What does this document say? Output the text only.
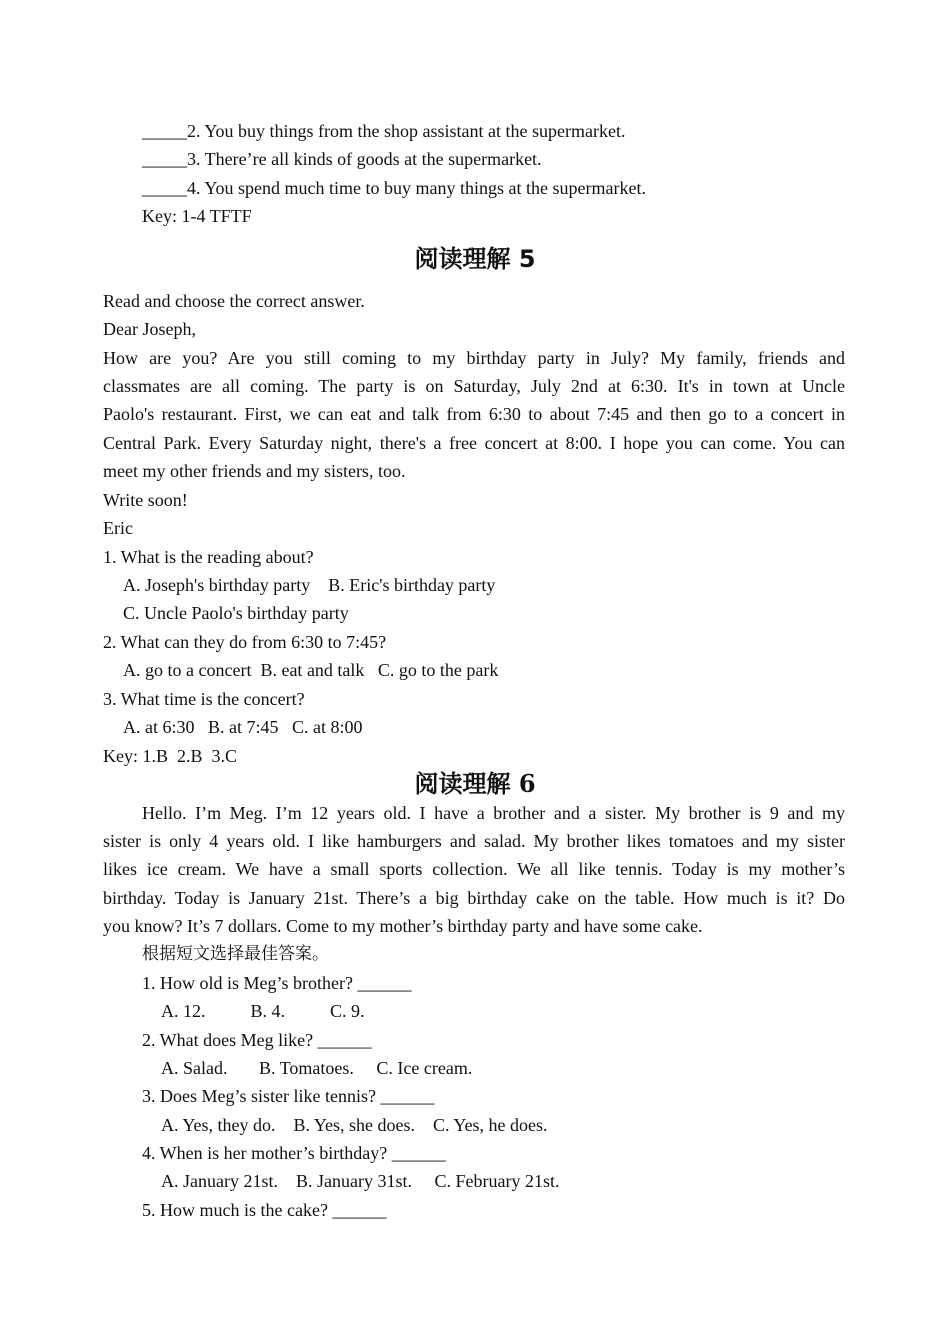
_____2. You buy things from the shop assistant at the supermarket.
_____3. There’re all kinds of goods at the supermarket.
_____4. You spend much time to buy many things at the supermarket.
Key: 1-4 TFTF
阅读理解 5
Read and choose the correct answer.
Dear Joseph,
How are you? Are you still coming to my birthday party in July? My family, friends and
classmates are all coming. The party is on Saturday, July 2nd at 6:30. It's in town at Uncle
Paolo's restaurant. First, we can eat and talk from 6:30 to about 7:45 and then go to a concert in
Central Park. Every Saturday night, there's a free concert at 8:00. I hope you can come. You can
meet my other friends and my sisters, too.
Write soon!
Eric
1. What is the reading about?
A. Joseph's birthday party    B. Eric's birthday party
C. Uncle Paolo's birthday party
2. What can they do from 6:30 to 7:45?
A. go to a concert  B. eat and talk   C. go to the park
3. What time is the concert?
A. at 6:30   B. at 7:45   C. at 8:00
Key: 1.B  2.B  3.C
阅读理解 6
Hello. I’m Meg. I’m 12 years old. I have a brother and a sister. My brother is 9 and my
sister is only 4 years old. I like hamburgers and salad. My brother likes tomatoes and my sister
likes ice cream. We have a small sports collection. We all like tennis. Today is my mother’s
birthday. Today is January 21st. There’s a big birthday cake on the table. How much is it? Do
you know? It’s 7 dollars. Come to my mother’s birthday party and have some cake.
根据短文选择最佳答案。
1. How old is Meg’s brother? ______
A. 12.          B. 4.          C. 9.
2. What does Meg like? ______
A. Salad.       B. Tomatoes.     C. Ice cream.
3. Does Meg’s sister like tennis? ______
A. Yes, they do.    B. Yes, she does.    C. Yes, he does.
4. When is her mother’s birthday? ______
A. January 21st.    B. January 31st.     C. February 21st.
5. How much is the cake? ______
